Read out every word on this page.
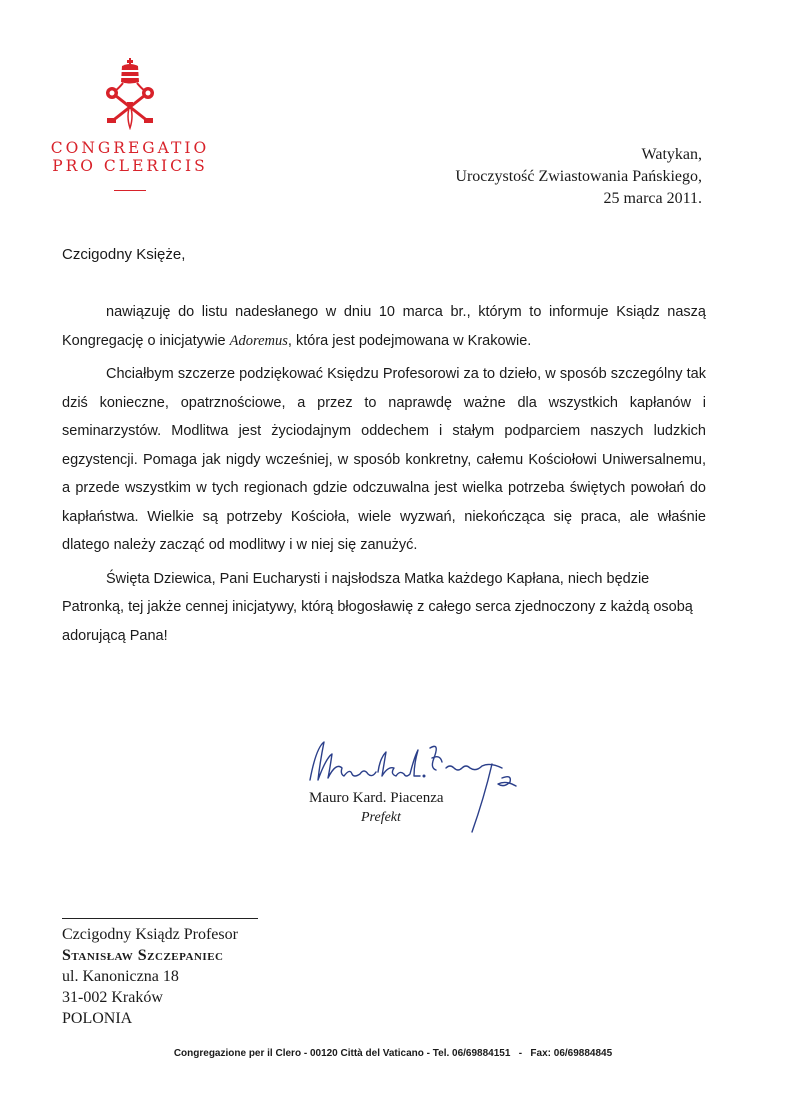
CONGREGATIO
PRO CLERICIS
Watykan,
Uroczystość Zwiastowania Pańskiego,
25 marca 2011.
Czcigodny Księże,

nawiązuję do listu nadesłanego w dniu 10 marca br., którym to informuje Ksiądz naszą Kongregację o inicjatywie Adoremus, która jest podejmowana w Krakowie.

Chciałbym szczerze podziękować Księdzu Profesorowi za to dzieło, w sposób szczególny tak dziś konieczne, opatrznościowe, a przez to naprawdę ważne dla wszystkich kapłanów i seminarzystów. Modlitwa jest życiodajnym oddechem i stałym podparciem naszych ludzkich egzystencji. Pomaga jak nigdy wcześniej, w sposób konkretny, całemu Kościołowi Uniwersalnemu, a przede wszystkim w tych regionach gdzie odczuwalna jest wielka potrzeba świętych powołań do kapłaństwa. Wielkie są potrzeby Kościoła, wiele wyzwań, niekończąca się praca, ale właśnie dlatego należy zacząć od modlitwy i w niej się zanużyć.

Święta Dziewica, Pani Eucharysti i najsłodsza Matka każdego Kapłana, niech będzie Patronką, tej jakże cennej inicjatywy, którą błogosławię z całego serca zjednoczony z każdą osobą adorującą Pana!

Mauro Kard. Piacenza
Prefekt
Czcigodny Ksiądz Profesor
Stanisław Szczepaniec
ul. Kanoniczna 18
31-002 Kraków
POLONIA
Congregazione per il Clero - 00120 Città del Vaticano - Tel. 06/69884151   -   Fax: 06/69884845
